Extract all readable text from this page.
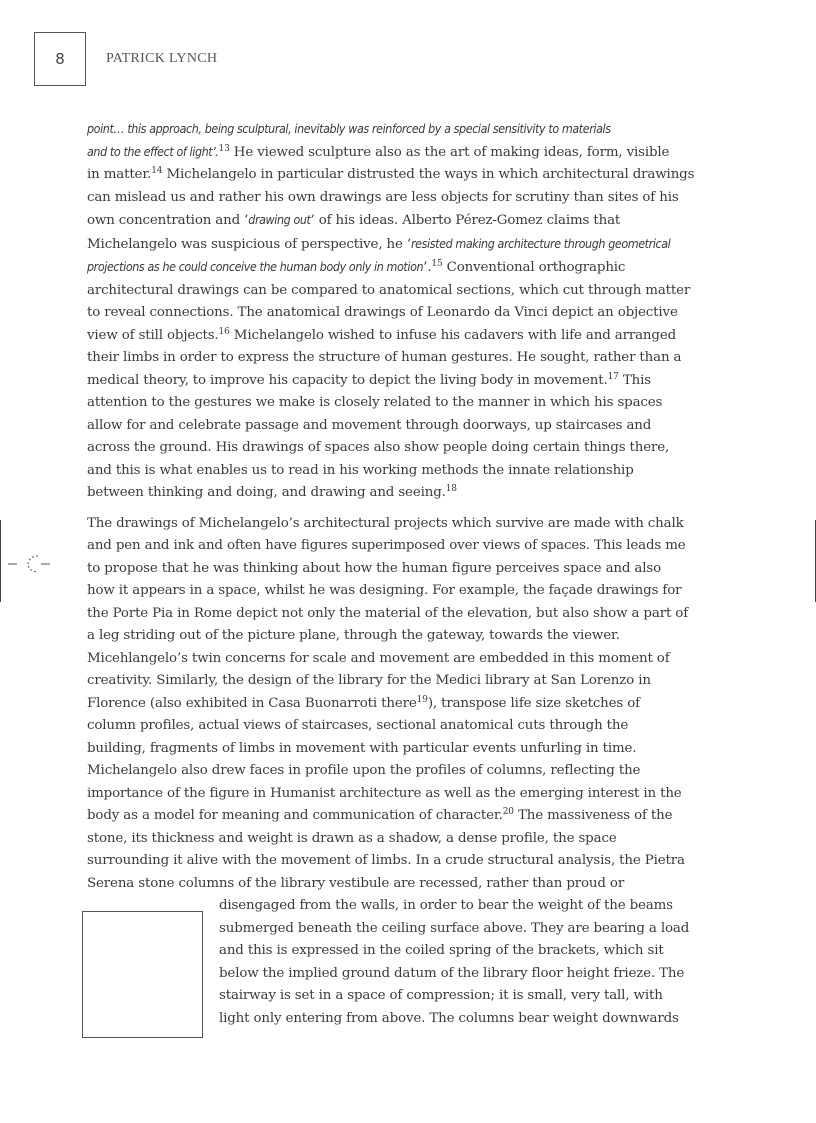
8	PATRICK LYNCH

point… this approach, being sculptural, inevitably was reinforced by a special sensitivity to materials
and to the effect of light’.$^{13}$ He viewed sculpture also as the art of making ideas, form, visible
in matter.$^{14}$ Michelangelo in particular distrusted the ways in which architectural drawings
can mislead us and rather his own drawings are less objects for scrutiny than sites of his
own concentration and ‘drawing out’ of his ideas. Alberto Pérez-Gomez claims that
Michelangelo was suspicious of perspective, he ‘resisted making architecture through geometrical
projections as he could conceive the human body only in motion’.$^{15}$ Conventional orthographic
architectural drawings can be compared to anatomical sections, which cut through matter
to reveal connections. The anatomical drawings of Leonardo da Vinci depict an objective
view of still objects.$^{16}$ Michelangelo wished to infuse his cadavers with life and arranged
their limbs in order to express the structure of human gestures. He sought, rather than a
medical theory, to improve his capacity to depict the living body in movement.$^{17}$ This
attention to the gestures we make is closely related to the manner in which his spaces
allow for and celebrate passage and movement through doorways, up staircases and
across the ground. His drawings of spaces also show people doing certain things there,
and this is what enables us to read in his working methods the innate relationship
between thinking and doing, and drawing and seeing.$^{18}$

The drawings of Michelangelo’s architectural projects which survive are made with chalk
and pen and ink and often have figures superimposed over views of spaces. This leads me
to propose that he was thinking about how the human figure perceives space and also
how it appears in a space, whilst he was designing. For example, the façade drawings for
the Porte Pia in Rome depict not only the material of the elevation, but also show a part of
a leg striding out of the picture plane, through the gateway, towards the viewer.
Micehlangelo’s twin concerns for scale and movement are embedded in this moment of
creativity. Similarly, the design of the library for the Medici library at San Lorenzo in
Florence (also exhibited in Casa Buonarroti there$^{19}$), transpose life size sketches of
column profiles, actual views of staircases, sectional anatomical cuts through the
building, fragments of limbs in movement with particular events unfurling in time.
Michelangelo also drew faces in profile upon the profiles of columns, reflecting the
importance of the figure in Humanist architecture as well as the emerging interest in the
body as a model for meaning and communication of character.$^{20}$ The massiveness of the
stone, its thickness and weight is drawn as a shadow, a dense profile, the space
surrounding it alive with the movement of limbs. In a crude structural analysis, the Pietra
Serena stone columns of the library vestibule are recessed, rather than proud or
disengaged from the walls, in order to bear the weight of the beams
submerged beneath the ceiling surface above. They are bearing a load
and this is expressed in the coiled spring of the brackets, which sit
below the implied ground datum of the library floor height frieze. The
stairway is set in a space of compression; it is small, very tall, with
light only entering from above. The columns bear weight downwards
